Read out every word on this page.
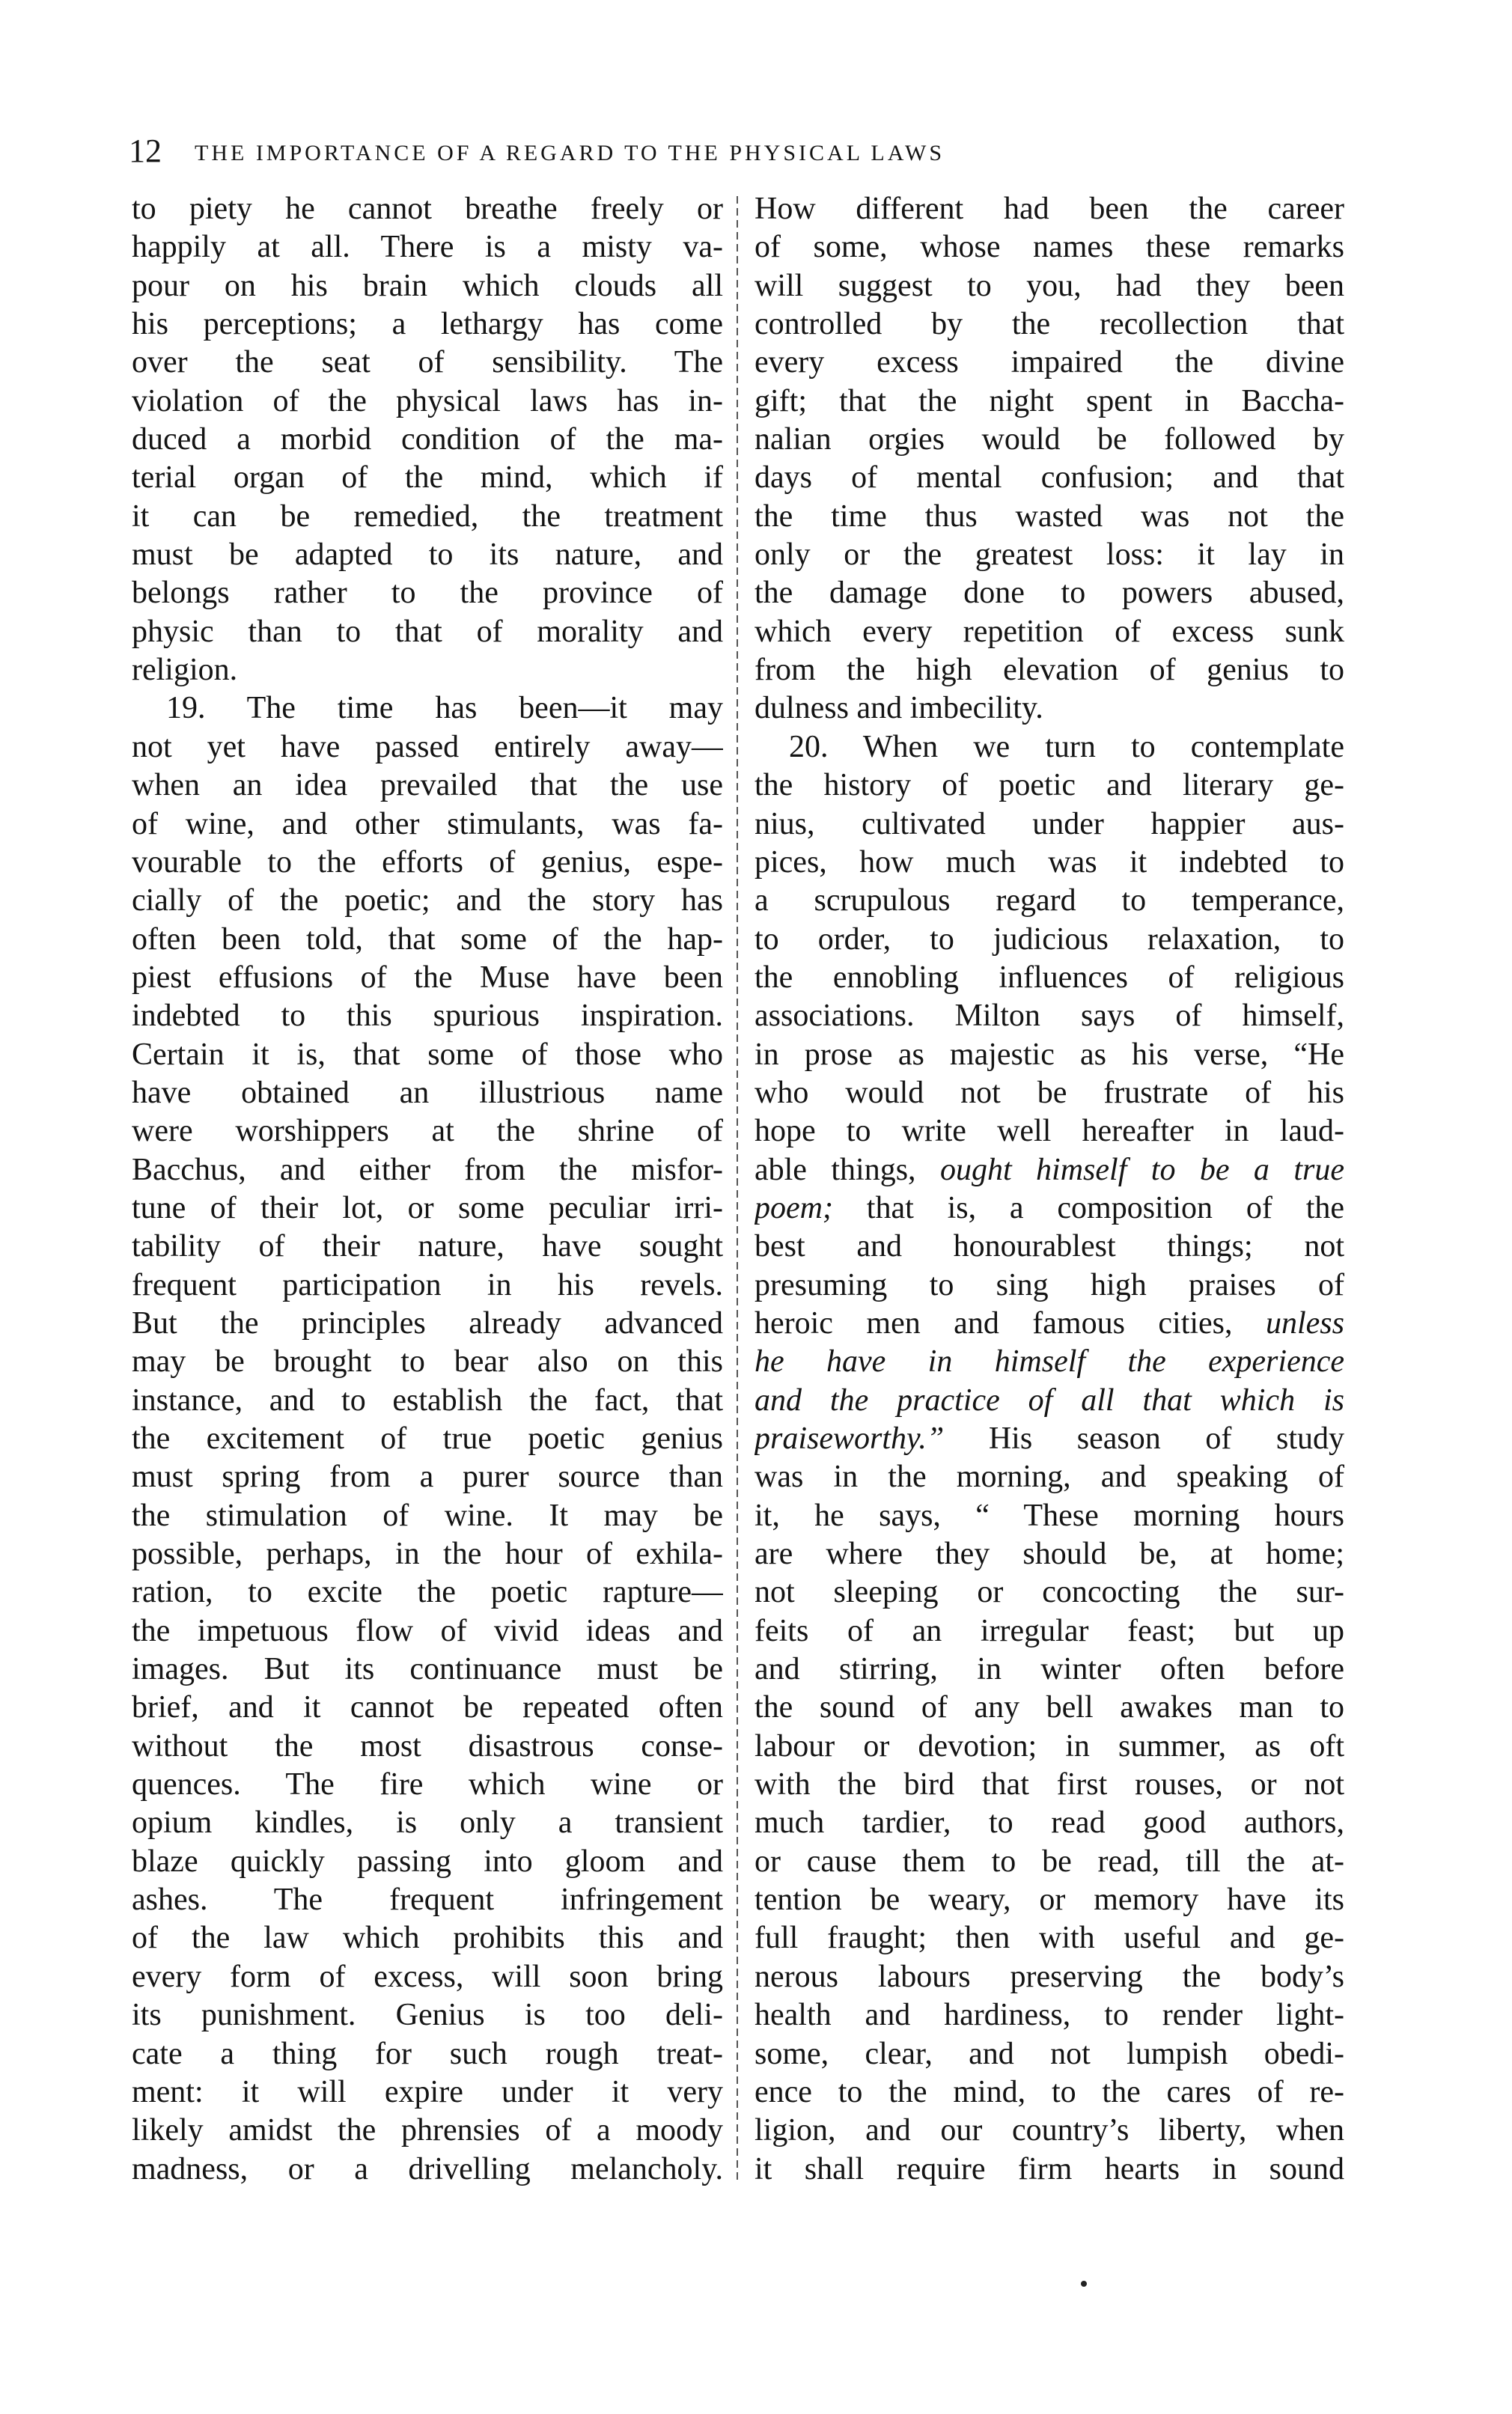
12 THE IMPORTANCE OF A REGARD TO THE PHYSICAL LAWS
to piety he cannot breathe freely or
happily at all. There is a misty va-
pour on his brain which clouds all
his perceptions; a lethargy has come
over the seat of sensibility. The
violation of the physical laws has in-
duced a morbid condition of the ma-
terial organ of the mind, which if
it can be remedied, the treatment
must be adapted to its nature, and
belongs rather to the province of
physic than to that of morality and
religion.
19. The time has been—it may
not yet have passed entirely away—
when an idea prevailed that the use
of wine, and other stimulants, was fa-
vourable to the efforts of genius, espe-
cially of the poetic; and the story has
often been told, that some of the hap-
piest effusions of the Muse have been
indebted to this spurious inspiration.
Certain it is, that some of those who
have obtained an illustrious name
were worshippers at the shrine of
Bacchus, and either from the misfor-
tune of their lot, or some peculiar irri-
tability of their nature, have sought
frequent participation in his revels.
But the principles already advanced
may be brought to bear also on this
instance, and to establish the fact, that
the excitement of true poetic genius
must spring from a purer source than
the stimulation of wine. It may be
possible, perhaps, in the hour of exhila-
ration, to excite the poetic rapture—
the impetuous flow of vivid ideas and
images. But its continuance must be
brief, and it cannot be repeated often
without the most disastrous conse-
quences. The fire which wine or
opium kindles, is only a transient
blaze quickly passing into gloom and
ashes. The frequent infringement
of the law which prohibits this and
every form of excess, will soon bring
its punishment. Genius is too deli-
cate a thing for such rough treat-
ment: it will expire under it very
likely amidst the phrensies of a moody
madness, or a drivelling melancholy.
How different had been the career
of some, whose names these remarks
will suggest to you, had they been
controlled by the recollection that
every excess impaired the divine
gift; that the night spent in Baccha-
nalian orgies would be followed by
days of mental confusion; and that
the time thus wasted was not the
only or the greatest loss: it lay in
the damage done to powers abused,
which every repetition of excess sunk
from the high elevation of genius to
dulness and imbecility.
20. When we turn to contemplate
the history of poetic and literary ge-
nius, cultivated under happier aus-
pices, how much was it indebted to
a scrupulous regard to temperance,
to order, to judicious relaxation, to
the ennobling influences of religious
associations. Milton says of himself,
in prose as majestic as his verse, “He
who would not be frustrate of his
hope to write well hereafter in laud-
able things, ought himself to be a true
poem; that is, a composition of the
best and honourablest things; not
presuming to sing high praises of
heroic men and famous cities, unless
he have in himself the experience
and the practice of all that which is
praiseworthy.” His season of study
was in the morning, and speaking of
it, he says, “ These morning hours
are where they should be, at home;
not sleeping or concocting the sur-
feits of an irregular feast; but up
and stirring, in winter often before
the sound of any bell awakes man to
labour or devotion; in summer, as oft
with the bird that first rouses, or not
much tardier, to read good authors,
or cause them to be read, till the at-
tention be weary, or memory have its
full fraught; then with useful and ge-
nerous labours preserving the body’s
health and hardiness, to render light-
some, clear, and not lumpish obedi-
ence to the mind, to the cares of re-
ligion, and our country’s liberty, when
it shall require firm hearts in sound
